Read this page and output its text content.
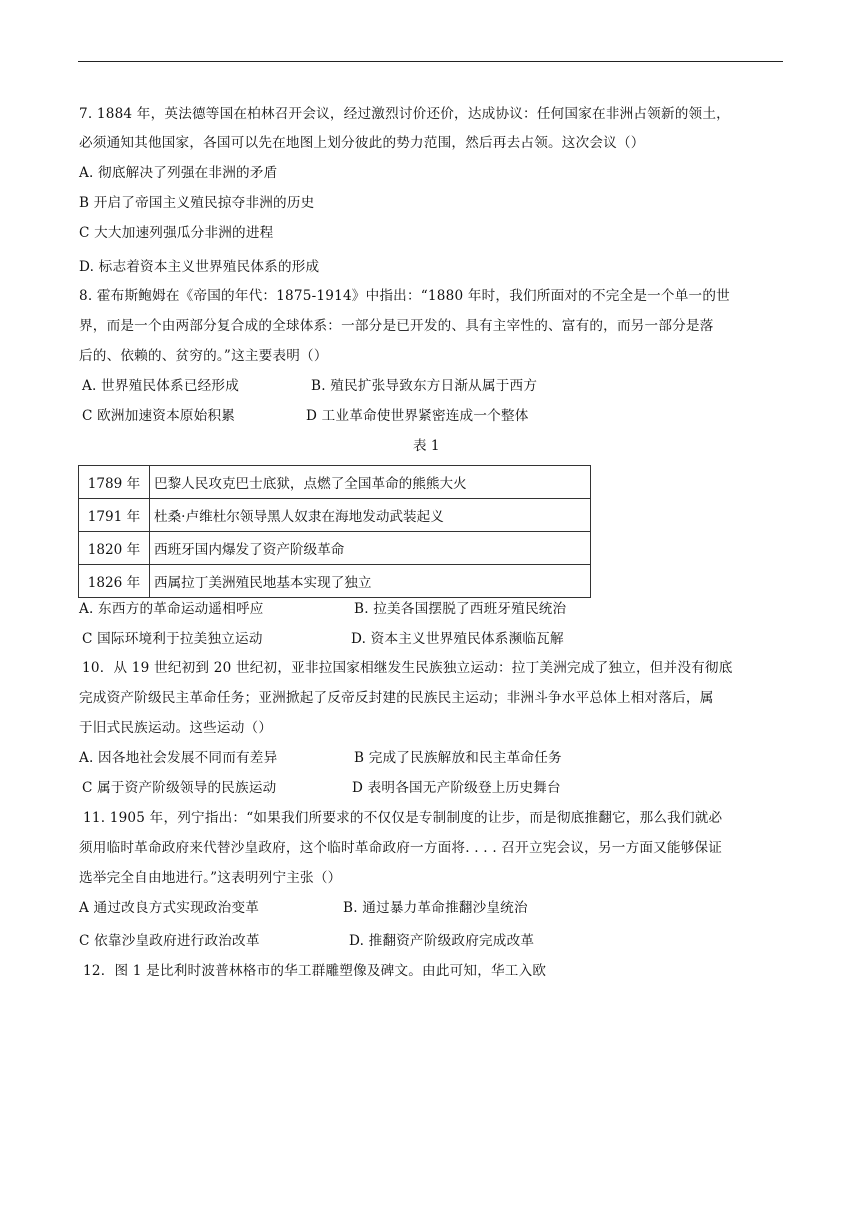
7. 1884 年，英法德等国在柏林召开会议，经过激烈讨价还价，达成协议：任何国家在非洲占领新的领土，
必须通知其他国家，各国可以先在地图上划分彼此的势力范围，然后再去占领。这次会议（）
A. 彻底解决了列强在非洲的矛盾
B 开启了帝国主义殖民掠夺非洲的历史
C 大大加速列强瓜分非洲的进程
D. 标志着资本主义世界殖民体系的形成
8. 霍布斯鲍姆在《帝国的年代：1875-1914》中指出：“1880 年时，我们所面对的不完全是一个单一的世
界，而是一个由两部分复合成的全球体系：一部分是已开发的、具有主宰性的、富有的，而另一部分是落
后的、依赖的、贫穷的。”这主要表明（）
A. 世界殖民体系已经形成	B. 殖民扩张导致东方日渐从属于西方
C 欧洲加速资本原始积累	D 工业革命使世界紧密连成一个整体
表 1
1789 年	巴黎人民攻克巴士底狱，点燃了全国革命的熊熊大火
1791 年	杜桑·卢维杜尔领导黑人奴隶在海地发动武装起义
1820 年	西班牙国内爆发了资产阶级革命
1826 年	西属拉丁美洲殖民地基本实现了独立
A. 东西方的革命运动遥相呼应	B. 拉美各国摆脱了西班牙殖民统治
C 国际环境利于拉美独立运动	D. 资本主义世界殖民体系濒临瓦解
10．从 19 世纪初到 20 世纪初，亚非拉国家相继发生民族独立运动：拉丁美洲完成了独立，但并没有彻底
完成资产阶级民主革命任务；亚洲掀起了反帝反封建的民族民主运动；非洲斗争水平总体上相对落后，属
于旧式民族运动。这些运动（）
A. 因各地社会发展不同而有差异	B 完成了民族解放和民主革命任务
C 属于资产阶级领导的民族运动	D 表明各国无产阶级登上历史舞台
11. 1905 年，列宁指出：“如果我们所要求的不仅仅是专制制度的让步，而是彻底推翻它，那么我们就必
须用临时革命政府来代替沙皇政府，这个临时革命政府一方面将. . . . 召开立宪会议，另一方面又能够保证
选举完全自由地进行。”这表明列宁主张（）
A 通过改良方式实现政治变革	B. 通过暴力革命推翻沙皇统治
C 依靠沙皇政府进行政治改革	D. 推翻资产阶级政府完成改革
12．图 1 是比利时波普林格市的华工群雕塑像及碑文。由此可知，华工入欧
